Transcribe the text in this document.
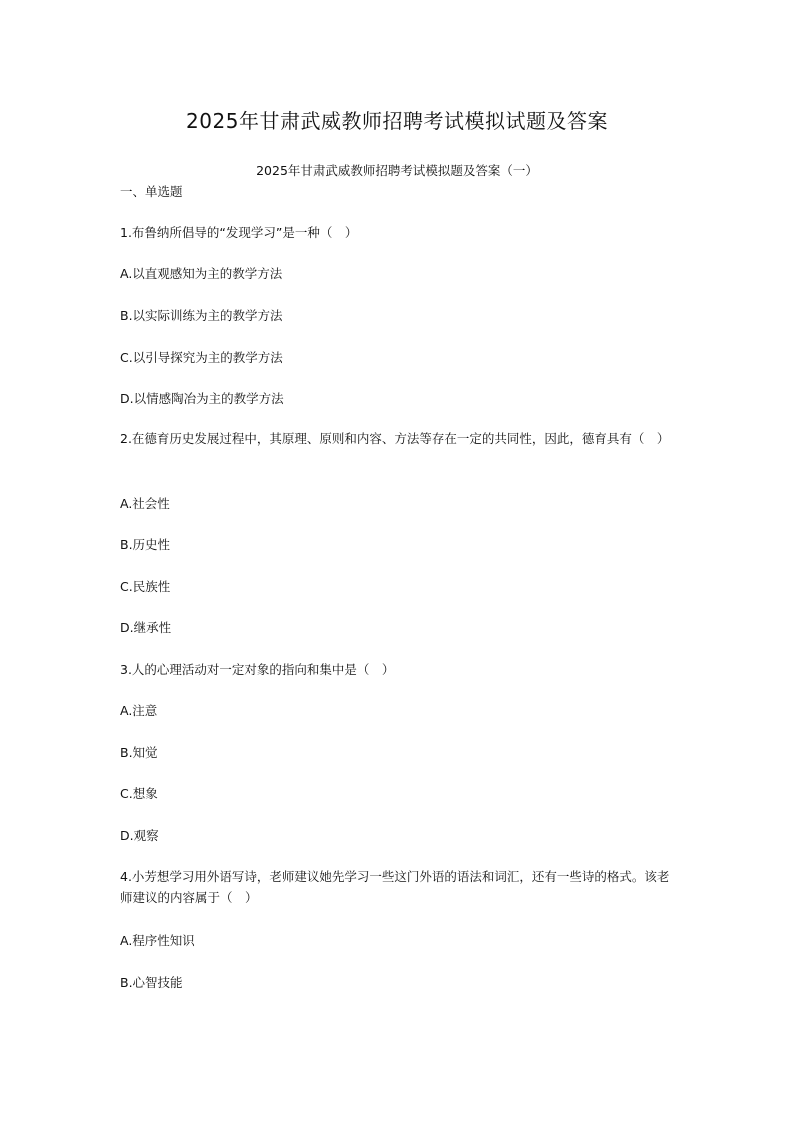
2025年甘肃武威教师招聘考试模拟试题及答案
2025年甘肃武威教师招聘考试模拟题及答案（一）
一、单选题
1.布鲁纳所倡导的“发现学习”是一种（　）
A.以直观感知为主的教学方法
B.以实际训练为主的教学方法
C.以引导探究为主的教学方法
D.以情感陶冶为主的教学方法
2.在德育历史发展过程中，其原理、原则和内容、方法等存在一定的共同性，因此，德育具有（　）
A.社会性
B.历史性
C.民族性
D.继承性
3.人的心理活动对一定对象的指向和集中是（　）
A.注意
B.知觉
C.想象
D.观察
4.小芳想学习用外语写诗，老师建议她先学习一些这门外语的语法和词汇，还有一些诗的格式。该老师建议的内容属于（　）
A.程序性知识
B.心智技能
